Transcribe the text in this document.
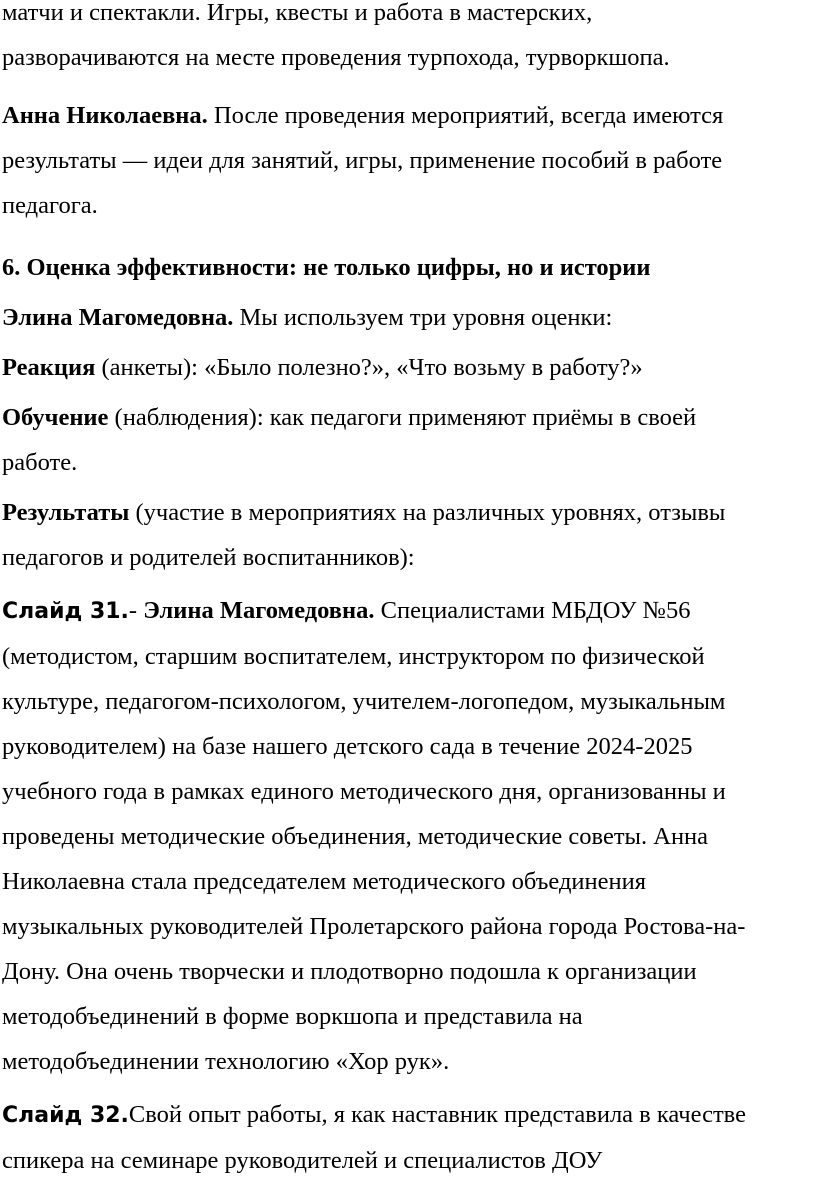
матчи и спектакли. Игры, квесты и работа в мастерских,
разворачиваются на месте проведения турпохода, турворкшопа.
Анна Николаевна. После проведения мероприятий, всегда имеются
результаты — идеи для занятий, игры, применение пособий в работе
педагога.
6. Оценка эффективности: не только цифры, но и истории
Элина Магомедовна. Мы используем три уровня оценки:
Реакция (анкеты): «Было полезно?», «Что возьму в работу?»
Обучение (наблюдения): как педагоги применяют приёмы в своей
работе.
Результаты (участие в мероприятиях на различных уровнях, отзывы
педагогов и родителей воспитанников):
Слайд 31.- Элина Магомедовна. Специалистами МБДОУ №56
(методистом, старшим воспитателем, инструктором по физической
культуре, педагогом-психологом, учителем-логопедом, музыкальным
руководителем) на базе нашего детского сада в течение 2024-2025
учебного года в рамках единого методического дня, организованны и
проведены методические объединения, методические советы. Анна
Николаевна стала председателем методического объединения
музыкальных руководителей Пролетарского района города Ростова-на-
Дону. Она очень творчески и плодотворно подошла к организации
методобъединений в форме воркшопа и представила на
методобъединении технологию «Хор рук».
Слайд 32.Свой опыт работы, я как наставник представила в качестве
спикера на семинаре руководителей и специалистов ДОУ
